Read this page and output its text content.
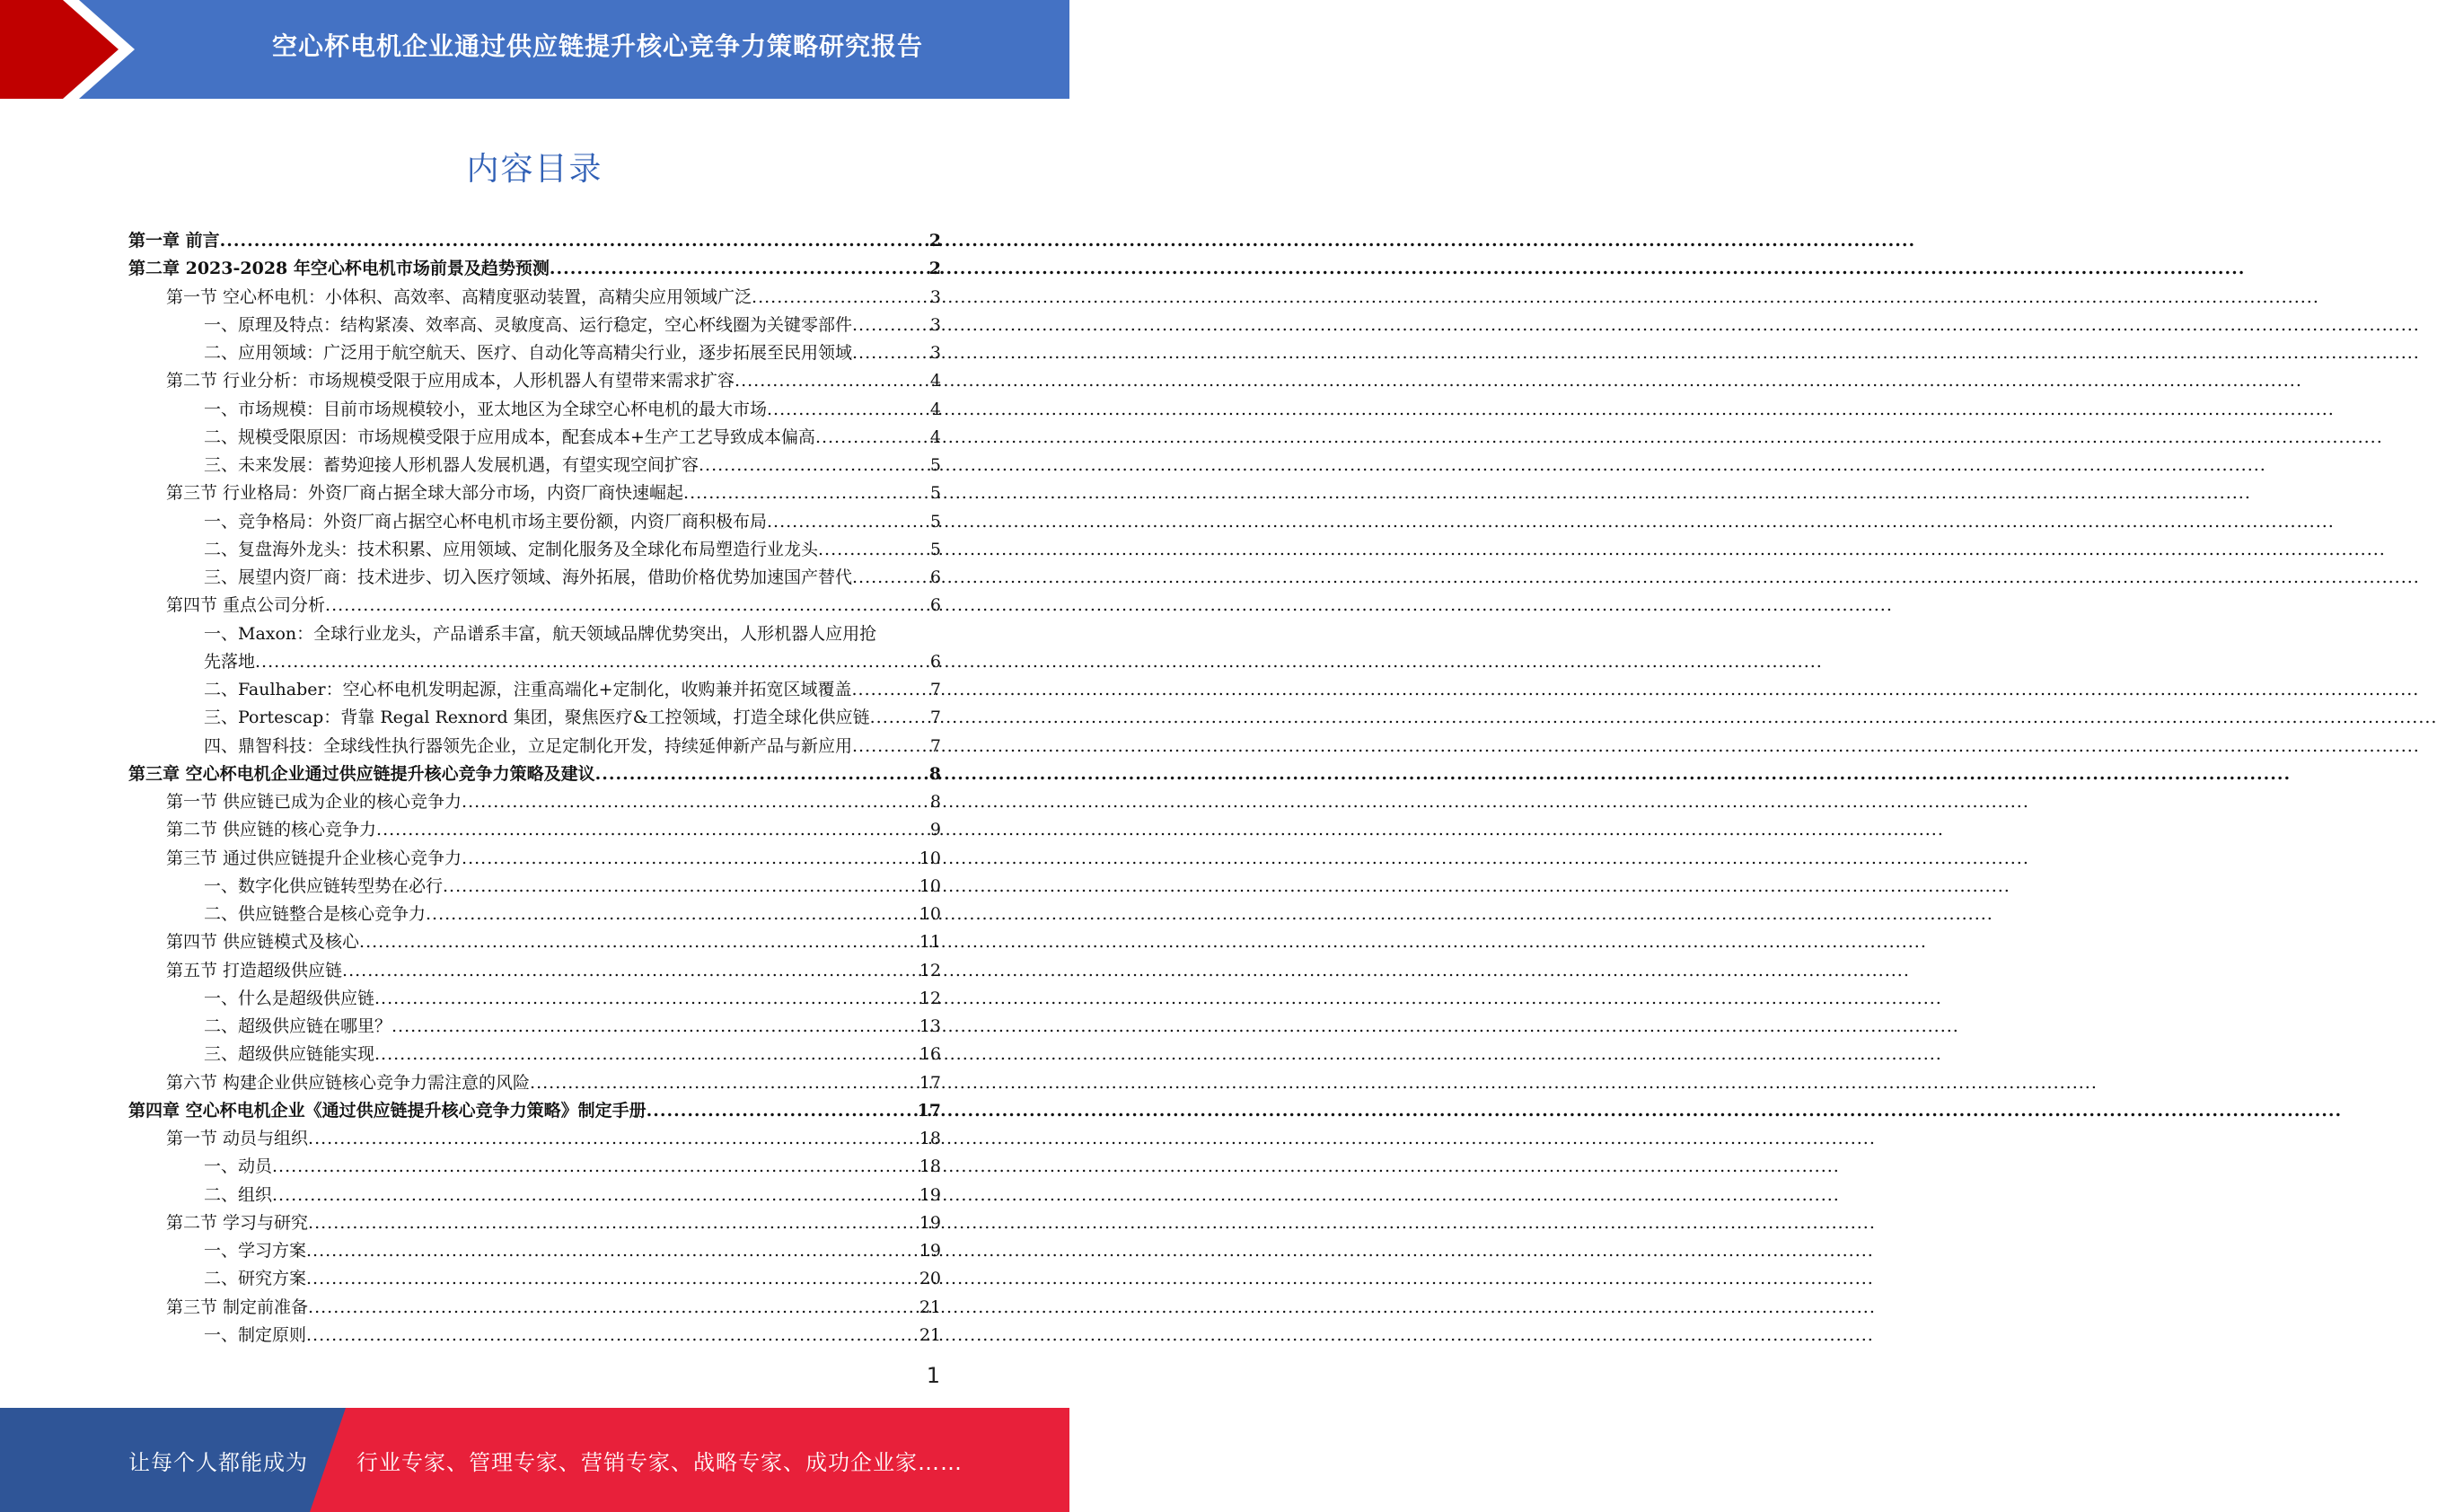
空心杯电机企业通过供应链提升核心竞争力策略研究报告
内容目录
第一章 前言 .....	2
第二章 2023-2028 年空心杯电机市场前景及趋势预测 .....	2
第一节 空心杯电机：小体积、高效率、高精度驱动装置，高精尖应用领域广泛 .....	3
一、原理及特点：结构紧凑、效率高、灵敏度高、运行稳定，空心杯线圈为关键零部件 .....	3
二、应用领域：广泛用于航空航天、医疗、自动化等高精尖行业，逐步拓展至民用领域 .....	3
第二节 行业分析：市场规模受限于应用成本，人形机器人有望带来需求扩容 .....	4
一、市场规模：目前市场规模较小，亚太地区为全球空心杯电机的最大市场 .....	4
二、规模受限原因：市场规模受限于应用成本，配套成本+生产工艺导致成本偏高 .....	4
三、未来发展：蓄势迎接人形机器人发展机遇，有望实现空间扩容 .....	5
第三节 行业格局：外资厂商占据全球大部分市场，内资厂商快速崛起 .....	5
一、竞争格局：外资厂商占据空心杯电机市场主要份额，内资厂商积极布局 .....	5
二、复盘海外龙头：技术积累、应用领域、定制化服务及全球化布局塑造行业龙头 .....	5
三、展望内资厂商：技术进步、切入医疗领域、海外拓展，借助价格优势加速国产替代 .....	6
第四节 重点公司分析 .....	6
一、Maxon：全球行业龙头，产品谱系丰富，航天领域品牌优势突出，人形机器人应用抢
先落地 .....	6
二、Faulhaber：空心杯电机发明起源，注重高端化+定制化，收购兼并拓宽区域覆盖 .....	7
三、Portescap：背靠 Regal Rexnord 集团，聚焦医疗&工控领域，打造全球化供应链 .....	7
四、鼎智科技：全球线性执行器领先企业，立足定制化开发，持续延伸新产品与新应用 .....	7
第三章 空心杯电机企业通过供应链提升核心竞争力策略及建议 .....	8
第一节 供应链已成为企业的核心竞争力 .....	8
第二节 供应链的核心竞争力 .....	9
第三节 通过供应链提升企业核心竞争力 .....	10
一、数字化供应链转型势在必行 .....	10
二、供应链整合是核心竞争力 .....	10
第四节 供应链模式及核心 .....	11
第五节 打造超级供应链 .....	12
一、什么是超级供应链 .....	12
二、超级供应链在哪里？ .....	13
三、超级供应链能实现 .....	16
第六节 构建企业供应链核心竞争力需注意的风险 .....	17
第四章 空心杯电机企业《通过供应链提升核心竞争力策略》制定手册 .....	17
第一节 动员与组织 .....	18
一、动员 .....	18
二、组织 .....	19
第二节 学习与研究 .....	19
一、学习方案 .....	19
二、研究方案 .....	20
第三节 制定前准备 .....	21
一、制定原则 .....	21
1
让每个人都能成为 行业专家、管理专家、营销专家、战略专家、成功企业家……
